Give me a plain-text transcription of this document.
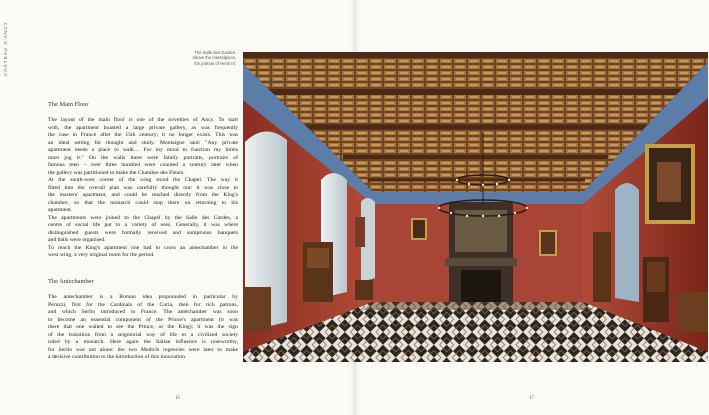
CHÂTEAU D'ANCY	The Salle des Gardes.
Above the mantelpiece,
the portrait of Henri IV.
The Main Floor
The layout of the main floor is one of the novelties of Ancy. To start
with, the apartment boasted a large private gallery, as was frequently
the case in France after the 15th century; it no longer exists. This was
an ideal setting for thought and study. Montaigne said: "Any private
apartment needs a place to walk… For my mind to function my limbs
must jog it." On the walls there were family portraits, portraits of
famous men – over three hundred were counted a century later when
the gallery was partitioned to make the Chambre des Fleurs.
At the south-west corner of the wing stood the Chapel. The way it
fitted into the overall plan was carefully thought out: it was close to
the masters' apartment, and could be reached directly from the King's
chamber, so that the monarch could stop there on returning to his
apartment.
The apartments were joined to the Chapel by the Salle des Gardes, a
centre of social life put to a variety of uses. Generally, it was where
distinguished guests were formally received and sumptuous banquets
and balls were organised.
To reach the King's apartment one had to cross an antechamber in the
west wing, a very original room for the period.
The Antechamber
The antechamber is a Roman idea propounded in particular by
Peruzzi, first for the Cardinals of the Curia, then for rich patrons,
and which Serlio introduced in France. The antechamber was soon
to become an essential component of the Prince's apartment (it was
there that one waited to see the Prince, or the King); it was the sign
of the transition from a seigniorial way of life to a civilized society
ruled by a monarch. Here again the Italian influence is noteworthy,
for Serlio was not alone: the two Medicis regencies were later to make
a decisive contribution to the introduction of this innovation.
16	17
